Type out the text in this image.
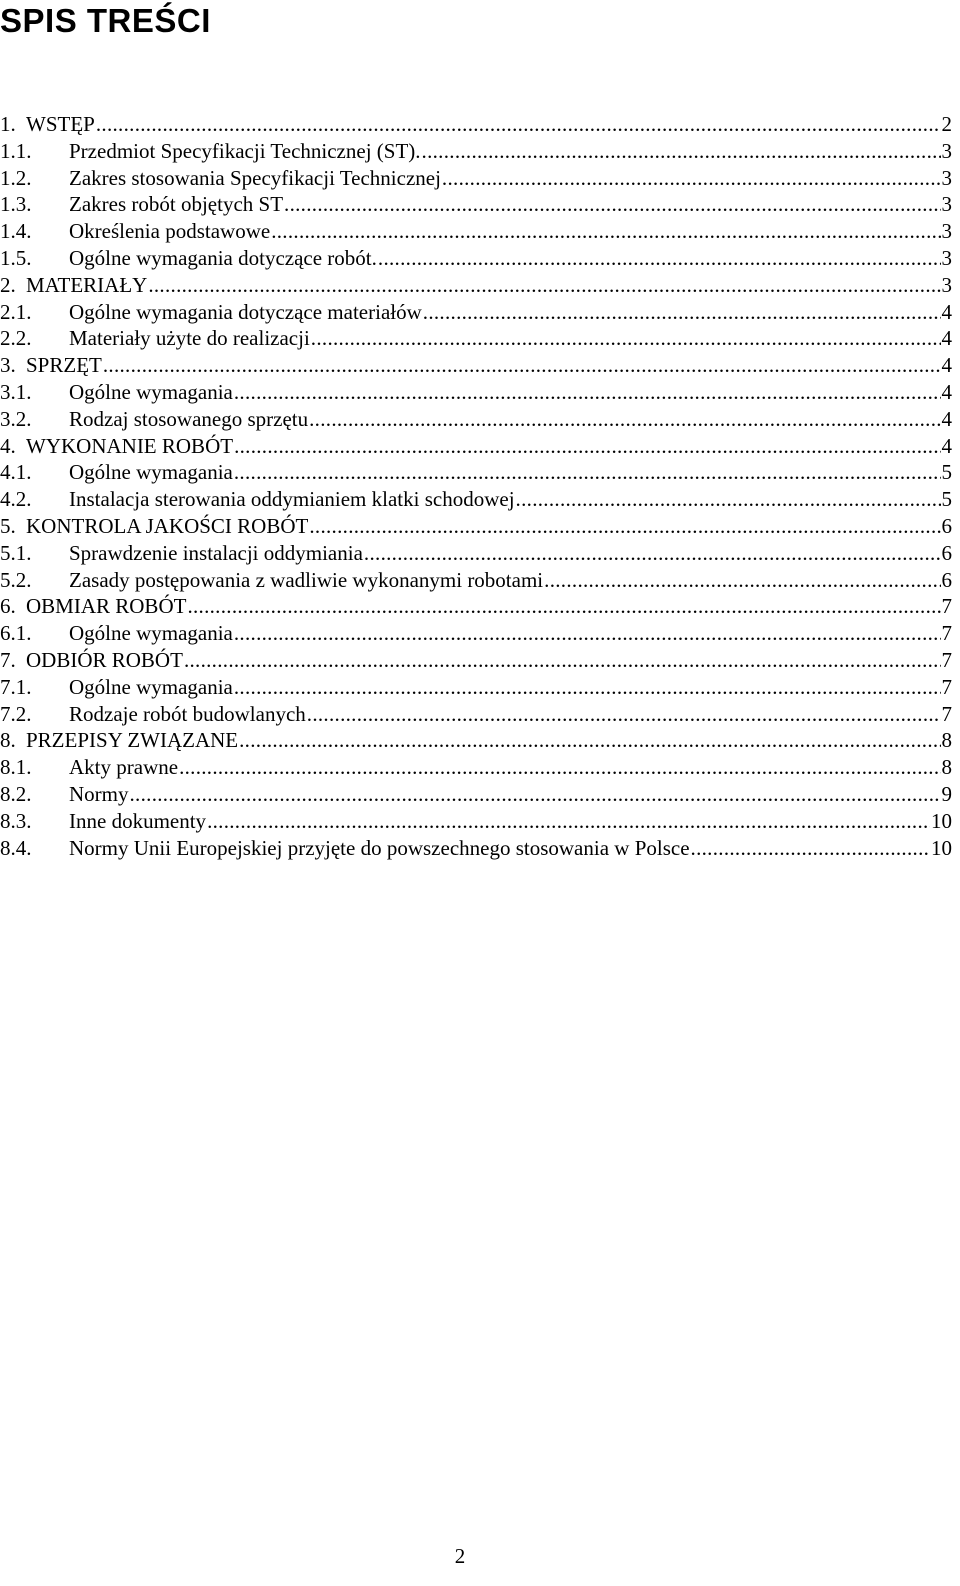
SPIS TREŚCI
1. WSTĘP .....	2
1.1.	Przedmiot Specyfikacji Technicznej (ST). .....	3
1.2.	Zakres stosowania Specyfikacji Technicznej .....	3
1.3.	Zakres robót objętych ST .....	3
1.4.	Określenia podstawowe .....	3
1.5.	Ogólne wymagania dotyczące robót. .....	3
2. MATERIAŁY .....	3
2.1.	Ogólne wymagania dotyczące materiałów .....	4
2.2.	Materiały użyte do realizacji .....	4
3. SPRZĘT .....	4
3.1.	Ogólne wymagania .....	4
3.2.	Rodzaj stosowanego sprzętu .....	4
4. WYKONANIE ROBÓT .....	4
4.1.	Ogólne wymagania .....	5
4.2.	Instalacja sterowania oddymianiem klatki schodowej .....	5
5. KONTROLA JAKOŚCI ROBÓT .....	6
5.1.	Sprawdzenie instalacji oddymiania .....	6
5.2.	Zasady postępowania z wadliwie wykonanymi robotami .....	6
6. OBMIAR ROBÓT .....	7
6.1.	Ogólne wymagania .....	7
7. ODBIÓR ROBÓT .....	7
7.1.	Ogólne wymagania .....	7
7.2.	Rodzaje robót budowlanych .....	7
8. PRZEPISY ZWIĄZANE .....	8
8.1.	Akty prawne .....	8
8.2.	Normy .....	9
8.3.	Inne dokumenty .....	10
8.4.	Normy Unii Europejskiej przyjęte do powszechnego stosowania w Polsce .....	10
2
